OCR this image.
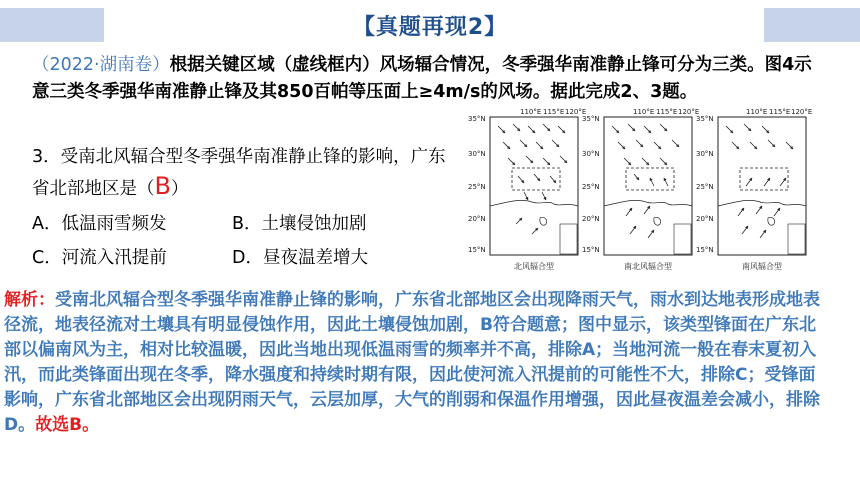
【真题再现2】
（2022·湖南卷）根据关键区域（虚线框内）风场辐合情况，冬季强华南准静止锋可分为三类。图4示意三类冬季强华南准静止锋及其850百帕等压面上≥4m/s的风场。据此完成2、3题。
3．受南北风辐合型冬季强华南准静止锋的影响，广东省北部地区是（B）
A．低温雨雪频发	B．土壤侵蚀加剧
C．河流入汛提前	D．昼夜温差增大
110°E 115°E 120°E	110°E 115°E 120°E	110°E 115°E 120°E
35°N
30°N
25°N
20°N
15°N
35°N
30°N
25°N
20°N
15°N
35°N
30°N
25°N
20°N
15°N
北风辐合型	南北风辐合型	南风辐合型
解析：受南北风辐合型冬季强华南准静止锋的影响，广东省北部地区会出现降雨天气，雨水到达地表形成地表径流，地表径流对土壤具有明显侵蚀作用，因此土壤侵蚀加剧，B符合题意；图中显示，该类型锋面在广东北部以偏南风为主，相对比较温暖，因此当地出现低温雨雪的频率并不高，排除A；当地河流一般在春末夏初入汛，而此类锋面出现在冬季，降水强度和持续时期有限，因此使河流入汛提前的可能性不大，排除C；受锋面影响，广东省北部地区会出现阴雨天气，云层加厚，大气的削弱和保温作用增强，因此昼夜温差会减小，排除D。故选B。
